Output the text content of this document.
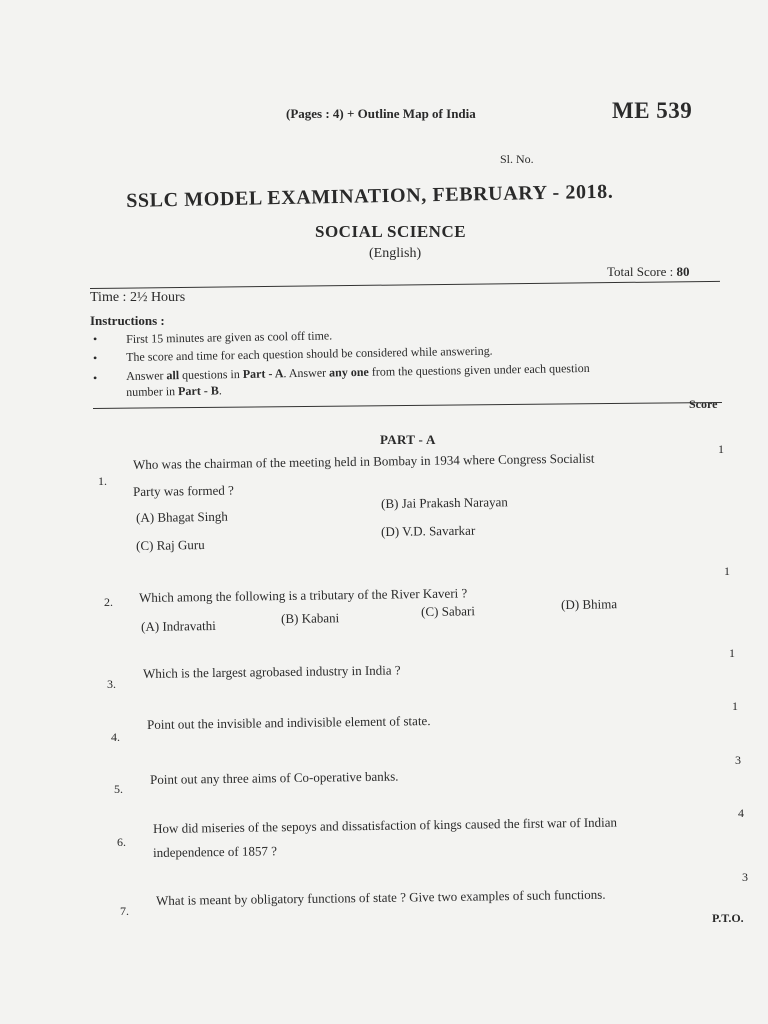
(Pages : 4) + Outline Map of India	ME 539
Sl. No.
SSLC MODEL EXAMINATION, FEBRUARY - 2018.
SOCIAL SCIENCE
(English)
Total Score : 80
Time : 2½ Hours
Instructions :
• First 15 minutes are given as cool off time.
• The score and time for each question should be considered while answering.
• Answer all questions in Part - A. Answer any one from the questions given under each question
number in Part - B.
Score
PART - A
1.
Who was the chairman of the meeting held in Bombay in 1934 where Congress Socialist
Party was formed ?
1
(A) Bhagat Singh
(B) Jai Prakash Narayan
(C) Raj Guru
(D) V.D. Savarkar
2. Which among the following is a tributary of the River Kaveri ?
1
(A) Indravathi	(B) Kabani	(C) Sabari	(D) Bhima
3.
Which is the largest agrobased industry in India ?
1
4.
Point out the invisible and indivisible element of state.
1
5.
Point out any three aims of Co-operative banks.
3
6.
How did miseries of the sepoys and dissatisfaction of kings caused the first war of Indian
independence of 1857 ?
4
7.
What is meant by obligatory functions of state ? Give two examples of such functions.
3
P.T.O.
